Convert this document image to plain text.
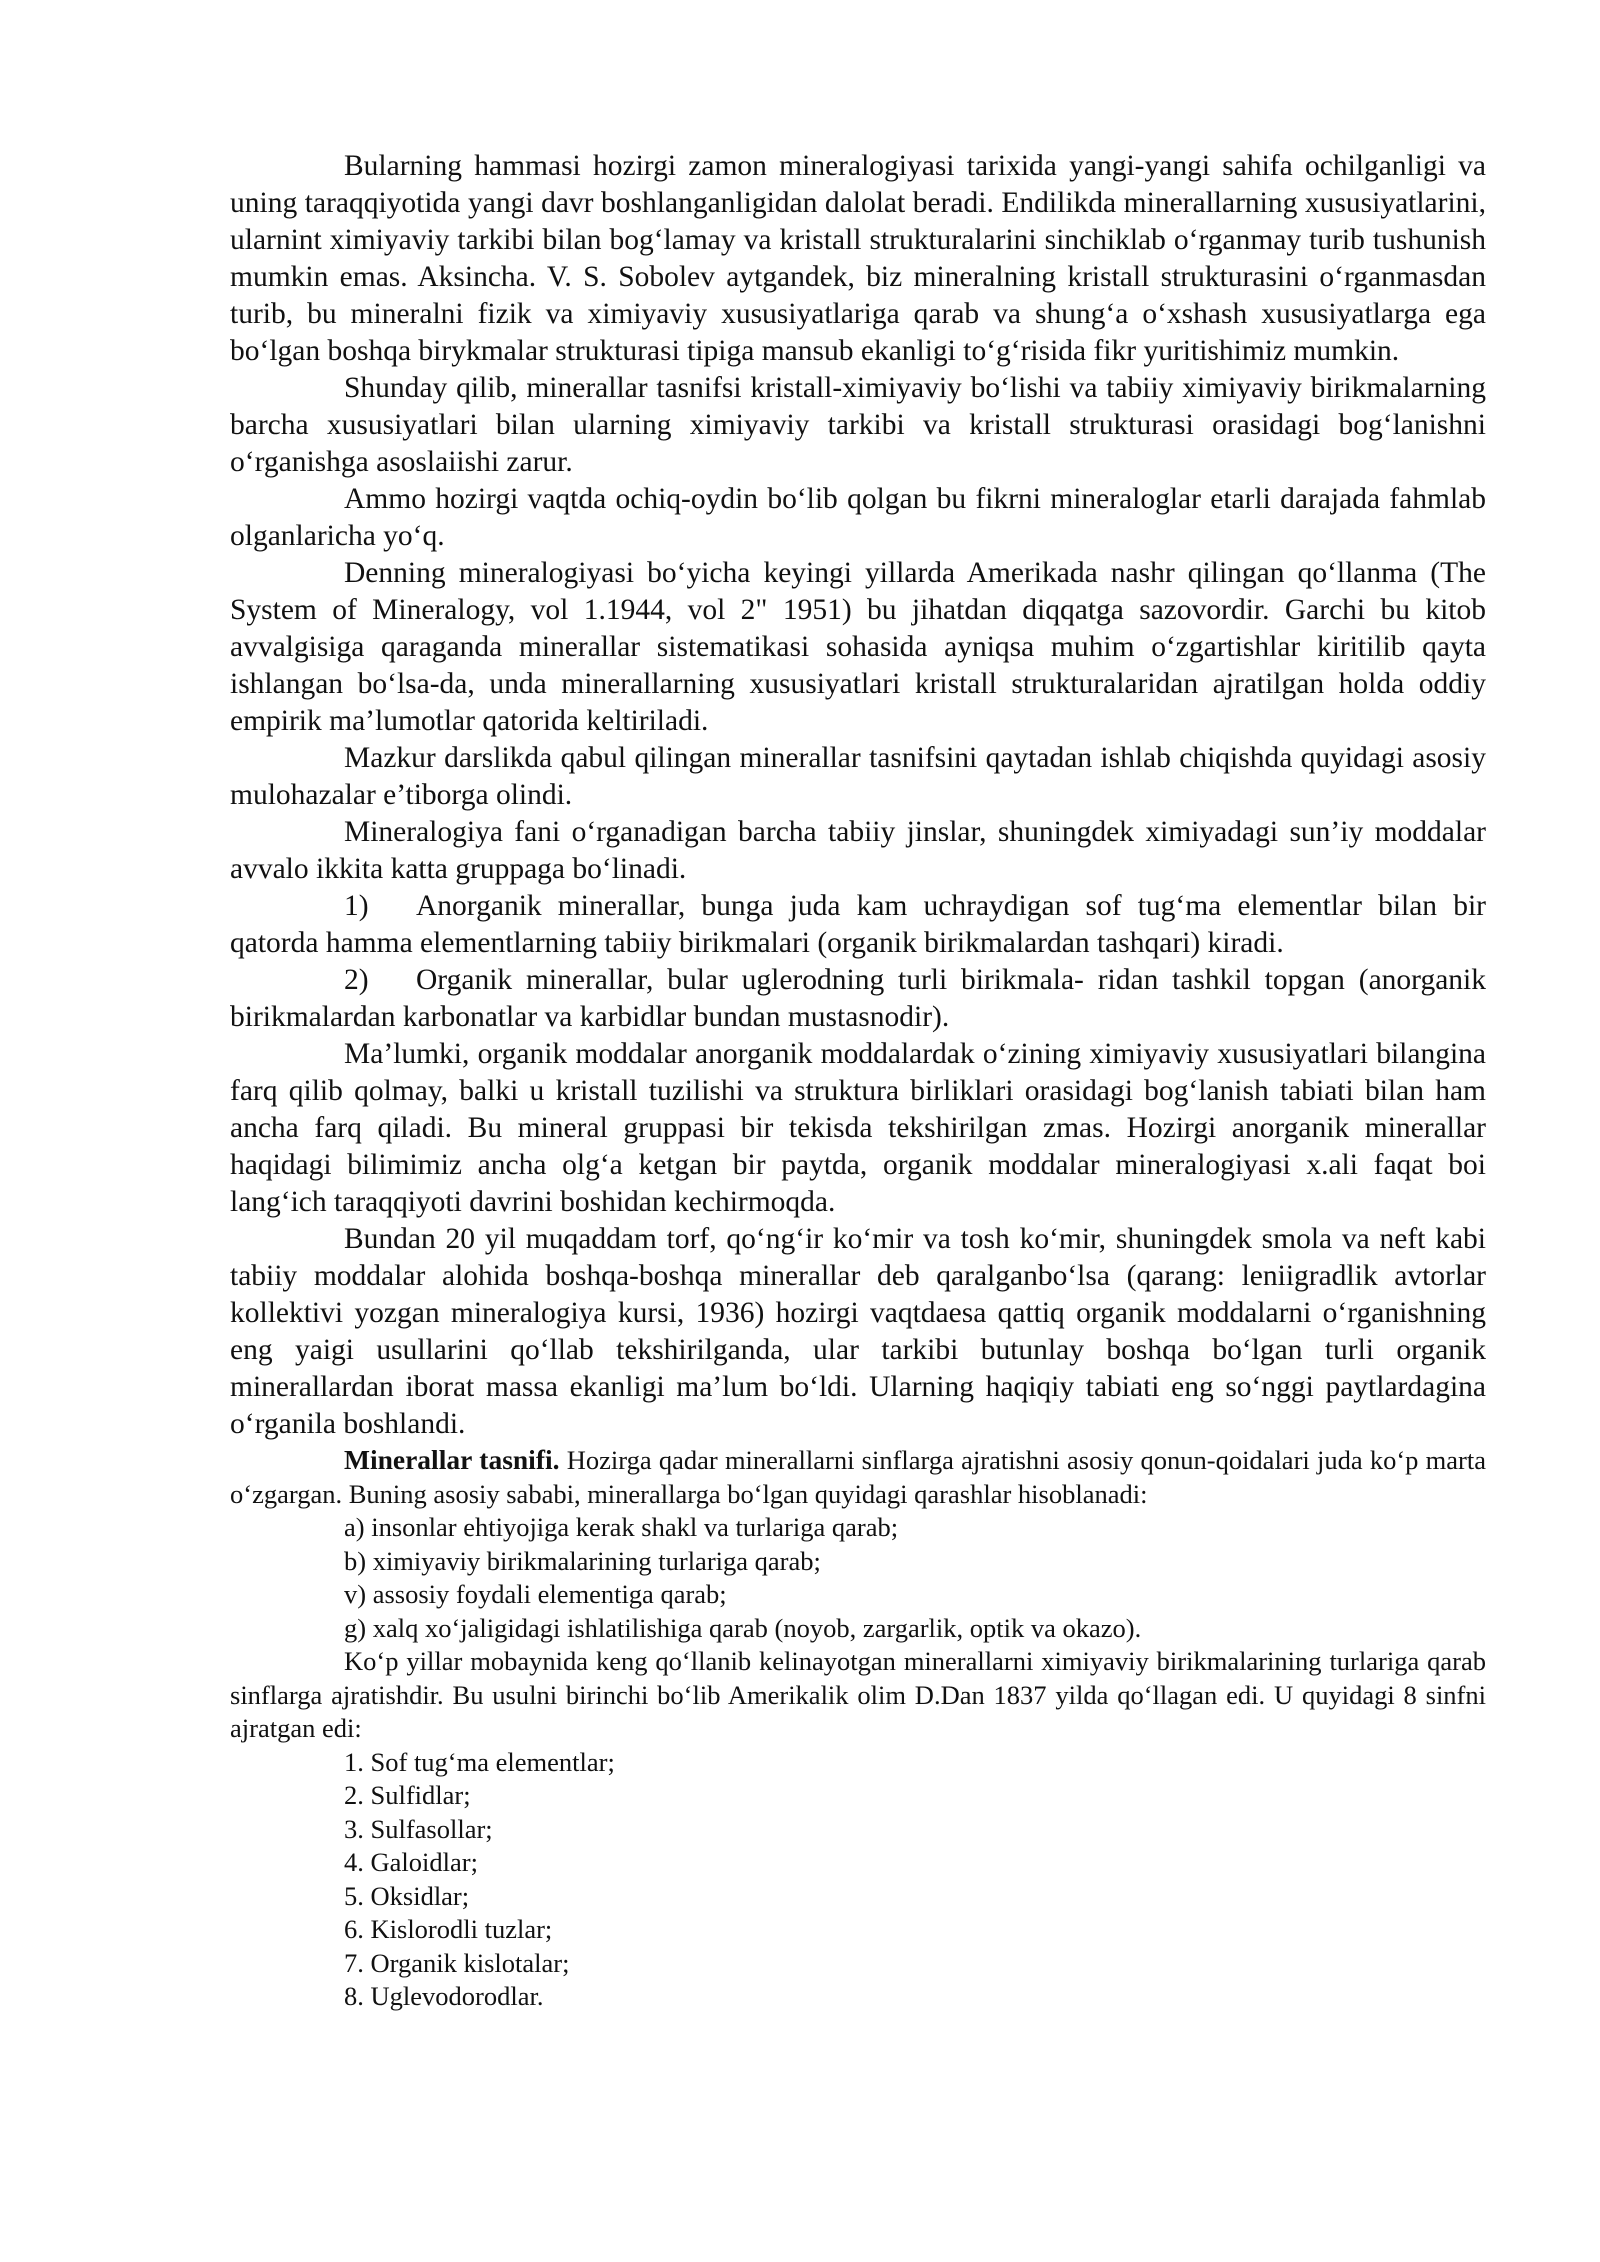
Bularning hammasi hozirgi zamon mineralogiyasi tarixida yangi-yangi sahifa ochilganligi va uning taraqqiyotida yangi davr boshlanganligidan dalolat beradi. Endilikda minerallarning xususiyatlarini, ularnint ximiyaviy tarkibi bilan bog‘lamay va kristall strukturalarini sinchiklab o‘rganmay turib tushunish mumkin emas. Aksincha. V. S. Sobolev aytgandek, biz mineralning kristall strukturasini o‘rganmasdan turib, bu mineralni fizik va ximiyaviy xususiyatlariga qarab va shung‘a o‘xshash xususiyatlarga ega bo‘lgan boshqa birykmalar strukturasi tipiga mansub ekanligi to‘g‘risida fikr yuritishimiz mumkin.

Shunday qilib, minerallar tasnifsi kristall-ximiyaviy bo‘lishi va tabiiy ximiyaviy birikmalarning barcha xususiyatlari bilan ularning ximiyaviy tarkibi va kristall strukturasi orasidagi bog‘lanishni o‘rganishga asoslaiishi zarur.

Ammo hozirgi vaqtda ochiq-oydin bo‘lib qolgan bu fikrni mineraloglar etarli darajada fahmlab olganlaricha yo‘q.

Denning mineralogiyasi bo‘yicha keyingi yillarda Amerikada nashr qilingan qo‘llanma (The System of Mineralogy, vol 1.1944, vol 2" 1951) bu jihatdan diqqatga sazovordir. Garchi bu kitob avvalgisiga qaraganda minerallar sistematikasi sohasida ayniqsa muhim o‘zgartishlar kiritilib qayta ishlangan bo‘lsa-da, unda minerallarning xususiyatlari kristall strukturalaridan ajratilgan holda oddiy empirik ma’lumotlar qatorida keltiriladi.

Mazkur darslikda qabul qilingan minerallar tasnifsini qaytadan ishlab chiqishda quyidagi asosiy mulohazalar e’tiborga olindi.

Mineralogiya fani o‘rganadigan barcha tabiiy jinslar, shuningdek ximiyadagi sun’iy moddalar avvalo ikkita katta gruppaga bo‘linadi.

1) Anorganik minerallar, bunga juda kam uchraydigan sof tug‘ma elementlar bilan bir qatorda hamma elementlarning tabiiy birikmalari (organik birikmalardan tashqari) kiradi.

2) Organik minerallar, bular uglerodning turli birikmala- ridan tashkil topgan (anorganik birikmalardan karbonatlar va karbidlar bundan mustasnodir).

Ma’lumki, organik moddalar anorganik moddalardak o‘zining ximiyaviy xususiyatlari bilangina farq qilib qolmay, balki u kristall tuzilishi va struktura birliklari orasidagi bog‘lanish tabiati bilan ham ancha farq qiladi. Bu mineral gruppasi bir tekisda tekshirilgan zmas. Hozirgi anorganik minerallar haqidagi bilimimiz ancha olg‘a ketgan bir paytda, organik moddalar mineralogiyasi x.ali faqat boi lang‘ich taraqqiyoti davrini boshidan kechirmoqda.

Bundan 20 yil muqaddam torf, qo‘ng‘ir ko‘mir va tosh ko‘mir, shuningdek smola va neft kabi tabiiy moddalar alohida boshqa-boshqa minerallar deb qaralganbo‘lsa (qarang: leniigradlik avtorlar kollektivi yozgan mineralogiya kursi, 1936) hozirgi vaqtdaesa qattiq organik moddalarni o‘rganishning eng yaigi usullarini qo‘llab tekshirilganda, ular tarkibi butunlay boshqa bo‘lgan turli organik minerallardan iborat massa ekanligi ma’lum bo‘ldi. Ularning haqiqiy tabiati eng so‘nggi paytlardagina o‘rganila boshlandi.

Minerallar tasnifi. Hozirga qadar minerallarni sinflarga ajratishni asosiy qonun-qoidalari juda ko‘p marta o‘zgargan. Buning asosiy sababi, minerallarga bo‘lgan quyidagi qarashlar hisoblanadi:

a) insonlar ehtiyojiga kerak shakl va turlariga qarab;

b) ximiyaviy birikmalarining turlariga qarab;

v) assosiy foydali elementiga qarab;

g) xalq xo‘jaligidagi ishlatilishiga qarab (noyob, zargarlik, optik va okazo).

Ko‘p yillar mobaynida keng qo‘llanib kelinayotgan minerallarni ximiyaviy birikmalarining turlariga qarab sinflarga ajratishdir. Bu usulni birinchi bo‘lib Amerikalik olim D.Dan 1837 yilda qo‘llagan edi. U quyidagi 8 sinfni ajratgan edi:

1. Sof tug‘ma elementlar;

2. Sulfidlar;

3. Sulfasollar;

4. Galoidlar;

5. Oksidlar;

6. Kislorodli tuzlar;

7. Organik kislotalar;

8. Uglevodorodlar.
